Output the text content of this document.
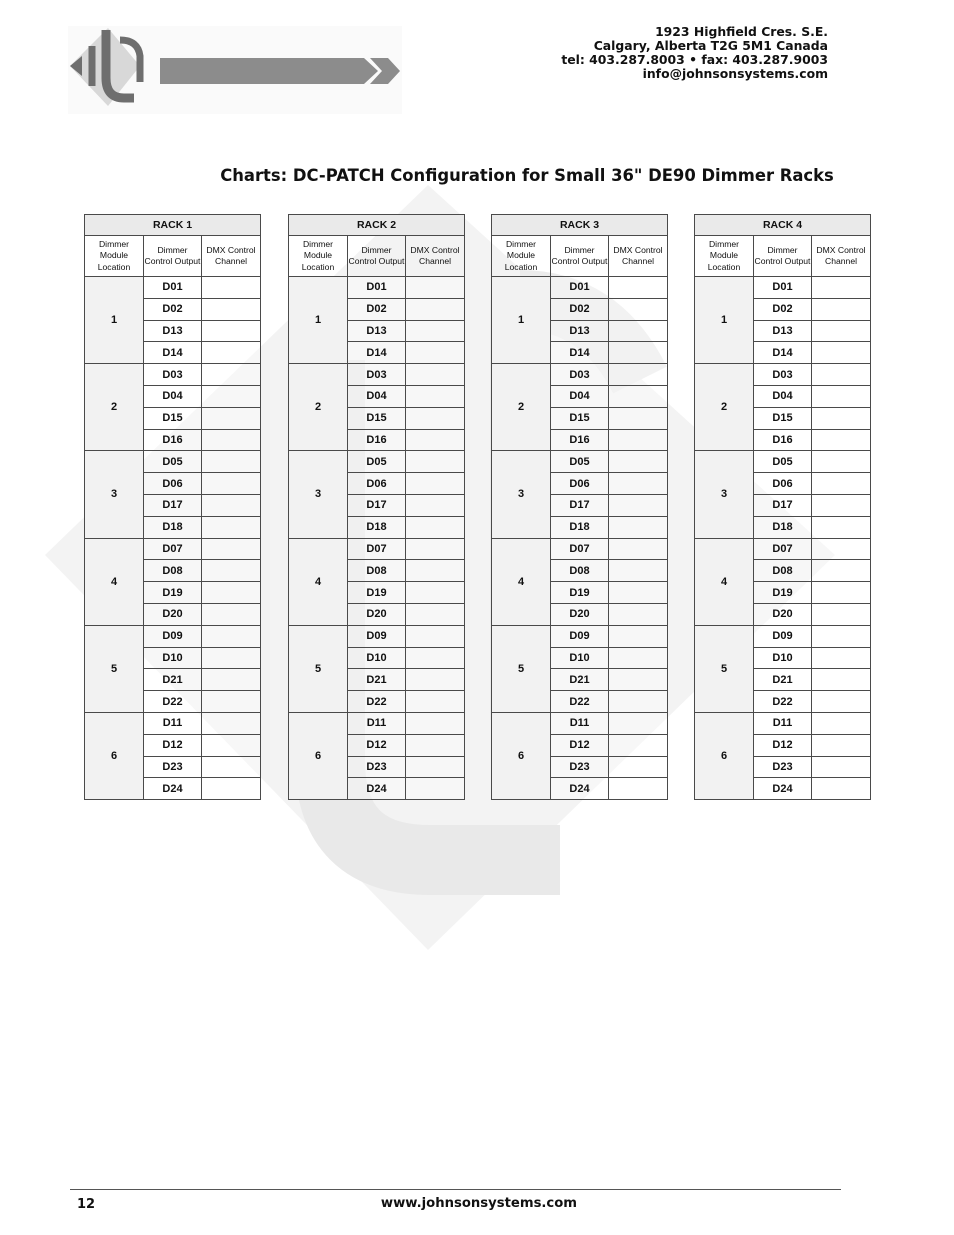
1923 Highfield Cres. S.E.
Calgary, Alberta T2G 5M1 Canada
tel: 403.287.8003 • fax: 403.287.9003
info@johnsonsystems.com
Charts: DC-PATCH Configuration for Small 36" DE90 Dimmer Racks
RACK 1		
Dimmer Module Location	Dimmer Control Output	DMX Control Channel
1	D01	
	D02	
	D13	
	D14	
2	D03	
	D04	
	D15	
	D16	
3	D05	
	D06	
	D17	
	D18	
4	D07	
	D08	
	D19	
	D20	
5	D09	
	D10	
	D21	
	D22	
6	D11	
	D12	
	D23	
	D24	
RACK 2		
Dimmer Module Location	Dimmer Control Output	DMX Control Channel
1	D01	
	D02	
	D13	
	D14	
2	D03	
	D04	
	D15	
	D16	
3	D05	
	D06	
	D17	
	D18	
4	D07	
	D08	
	D19	
	D20	
5	D09	
	D10	
	D21	
	D22	
6	D11	
	D12	
	D23	
	D24	
RACK 3		
Dimmer Module Location	Dimmer Control Output	DMX Control Channel
1	D01	
	D02	
	D13	
	D14	
2	D03	
	D04	
	D15	
	D16	
3	D05	
	D06	
	D17	
	D18	
4	D07	
	D08	
	D19	
	D20	
5	D09	
	D10	
	D21	
	D22	
6	D11	
	D12	
	D23	
	D24	
RACK 4		
Dimmer Module Location	Dimmer Control Output	DMX Control Channel
1	D01	
	D02	
	D13	
	D14	
2	D03	
	D04	
	D15	
	D16	
3	D05	
	D06	
	D17	
	D18	
4	D07	
	D08	
	D19	
	D20	
5	D09	
	D10	
	D21	
	D22	
6	D11	
	D12	
	D23	
	D24	
12	www.johnsonsystems.com
